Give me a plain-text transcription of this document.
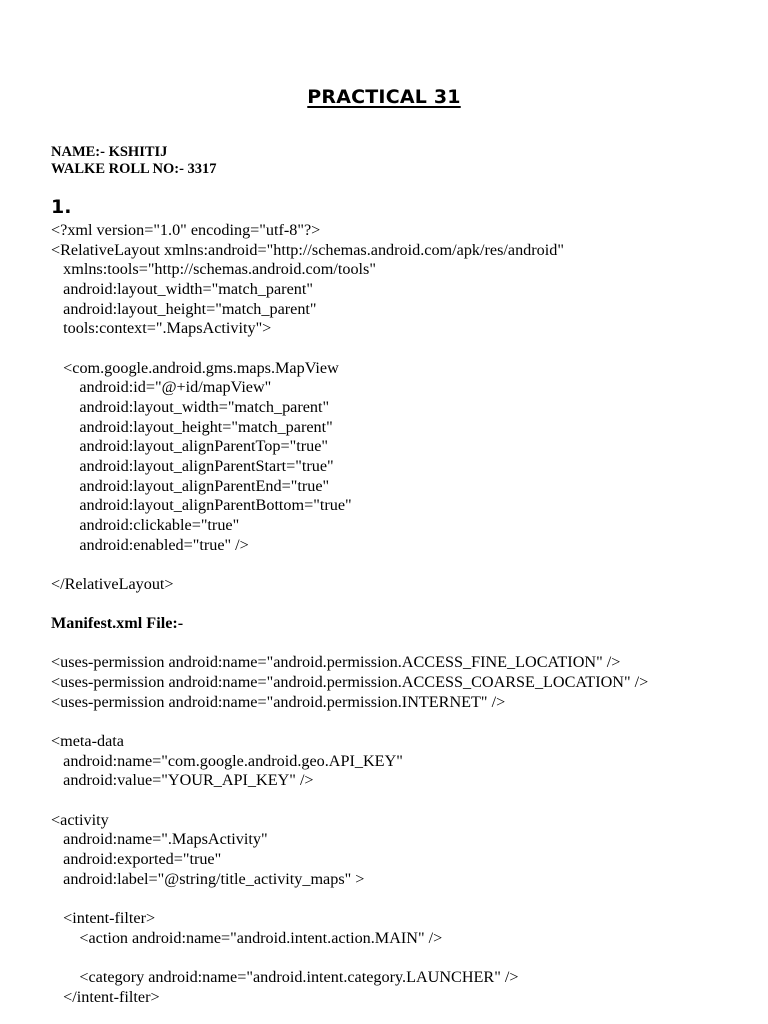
PRACTICAL 31
NAME:- KSHITIJ
WALKE ROLL NO:- 3317
1.
<?xml version="1.0" encoding="utf-8"?>
<RelativeLayout xmlns:android="http://schemas.android.com/apk/res/android"
xmlns:tools="http://schemas.android.com/tools"
android:layout_width="match_parent"
android:layout_height="match_parent"
tools:context=".MapsActivity">

<com.google.android.gms.maps.MapView
android:id="@+id/mapView"
android:layout_width="match_parent"
android:layout_height="match_parent"
android:layout_alignParentTop="true"
android:layout_alignParentStart="true"
android:layout_alignParentEnd="true"
android:layout_alignParentBottom="true"
android:clickable="true"
android:enabled="true" />

</RelativeLayout>

Manifest.xml File:-

<uses-permission android:name="android.permission.ACCESS_FINE_LOCATION" />
<uses-permission android:name="android.permission.ACCESS_COARSE_LOCATION" />
<uses-permission android:name="android.permission.INTERNET" />

<meta-data
android:name="com.google.android.geo.API_KEY"
android:value="YOUR_API_KEY" />

<activity
android:name=".MapsActivity"
android:exported="true"
android:label="@string/title_activity_maps" >

<intent-filter>
<action android:name="android.intent.action.MAIN" />

<category android:name="android.intent.category.LAUNCHER" />
</intent-filter>
